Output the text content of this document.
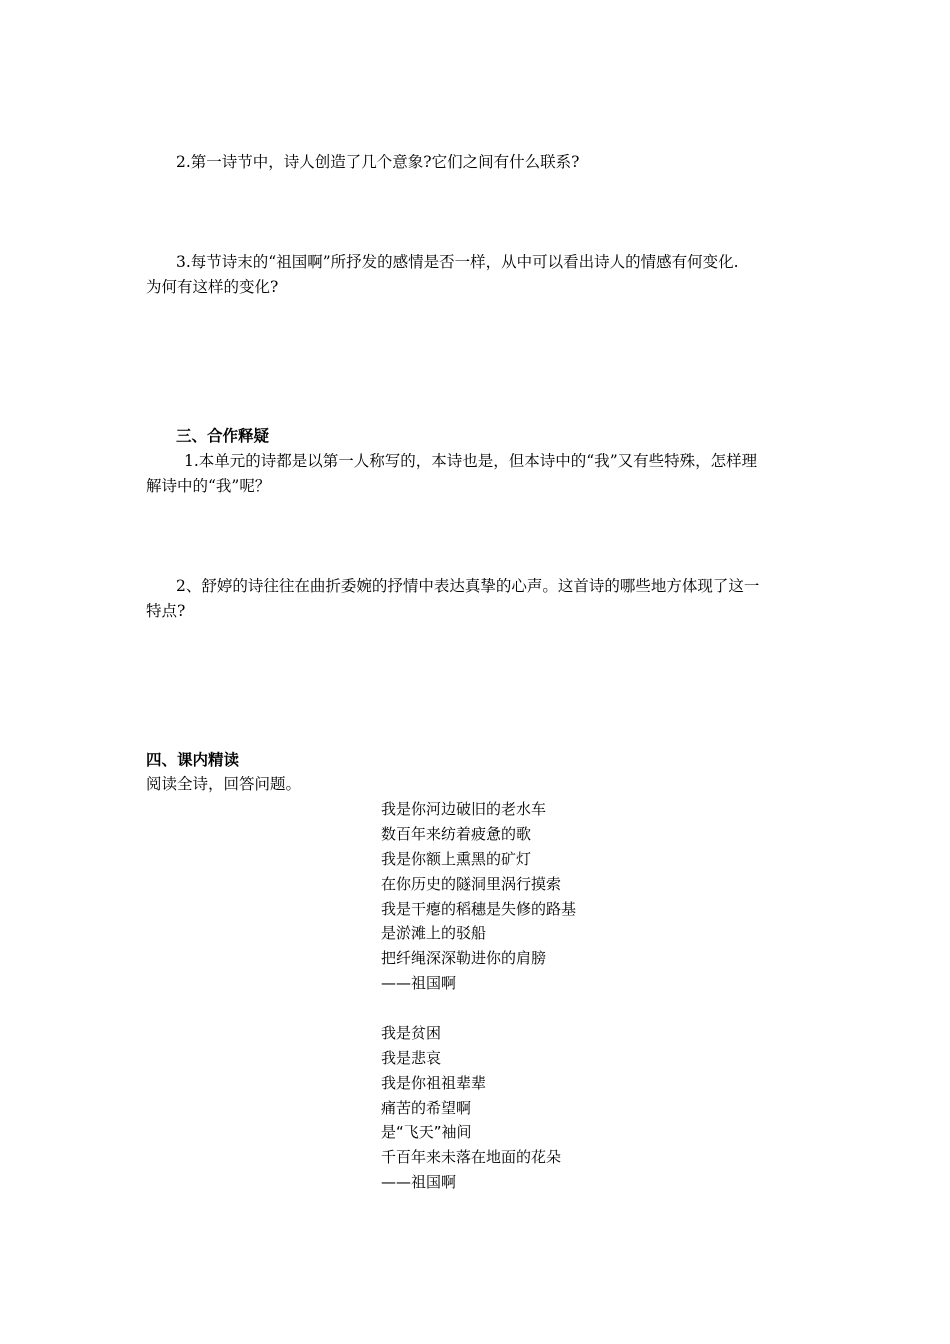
2.第一诗节中，诗人创造了几个意象?它们之间有什么联系?
3.每节诗末的“祖国啊”所抒发的感情是否一样，从中可以看出诗人的情感有何变化.
为何有这样的变化?
三、合作释疑
1.本单元的诗都是以第一人称写的，本诗也是，但本诗中的“我”又有些特殊，怎样理
解诗中的“我”呢？
2、舒婷的诗往往在曲折委婉的抒情中表达真挚的心声。这首诗的哪些地方体现了这一
特点?
四、课内精读
阅读全诗，回答问题。
我是你河边破旧的老水车
数百年来纺着疲惫的歌
我是你额上熏黑的矿灯
在你历史的隧洞里涡行摸索
我是干瘪的稻穗是失修的路基
是淤滩上的驳船
把纤绳深深勒进你的肩膀
——祖国啊
我是贫困
我是悲哀
我是你祖祖辈辈
痛苦的希望啊
是“飞天”袖间
千百年来未落在地面的花朵
——祖国啊
